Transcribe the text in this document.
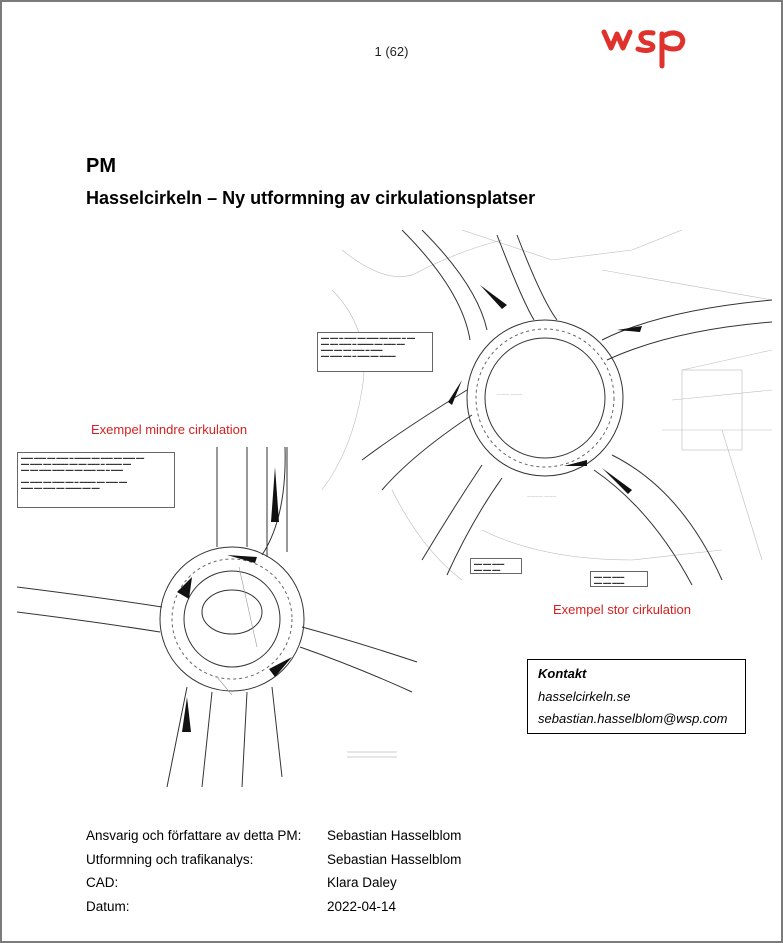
1 (62)
PM
Hasselcirkeln – Ny utformning av cirkulationsplatser
——— ———
———— ———
▬▬ ▬▬ ▬ ▬▬▬ ▬▬ ▬▬▬ ▬▬ ▬▬▬ ▬ ▬▬
▬▬ ▬▬ ▬▬▬ ▬ ▬▬▬▬ ▬▬ ▬▬▬ ▬▬
▬▬▬ ▬▬ ▬▬ ▬▬▬ ▬ ▬▬▬
▬▬ ▬▬▬ ▬▬ ▬ ▬▬▬ ▬▬ ▬▬▬▬
▬▬ ▬▬ ▬▬▬
▬▬ ▬▬ ▬▬
▬▬ ▬▬ ▬▬▬
▬▬ ▬▬ ▬▬▬
Exempel mindre cirkulation
Exempel stor cirkulation
▬▬▬ ▬▬▬ ▬▬ ▬▬▬ ▬ ▬▬▬▬ ▬▬ ▬▬▬ ▬▬ ▬▬▬ ▬▬
▬▬ ▬▬▬ ▬▬ ▬▬▬▬ ▬▬ ▬▬ ▬▬▬ ▬ ▬▬▬▬ ▬▬
▬▬ ▬▬ ▬▬▬ ▬▬▬ ▬▬ ▬▬ ▬▬▬ ▬▬ ▬ ▬▬▬

▬▬ ▬▬▬ ▬▬ ▬▬▬ ▬▬ ▬ ▬▬▬▬ ▬▬ ▬▬▬ ▬▬
▬▬▬ ▬▬ ▬▬▬ ▬▬ ▬▬▬▬ ▬▬ ▬▬
Kontakt
hasselcirkeln.se
sebastian.hasselblom@wsp.com
Ansvarig och författare av detta PM:	Sebastian Hasselblom
Utformning och trafikanalys:	Sebastian Hasselblom
CAD:	Klara Daley
Datum:	2022-04-14
